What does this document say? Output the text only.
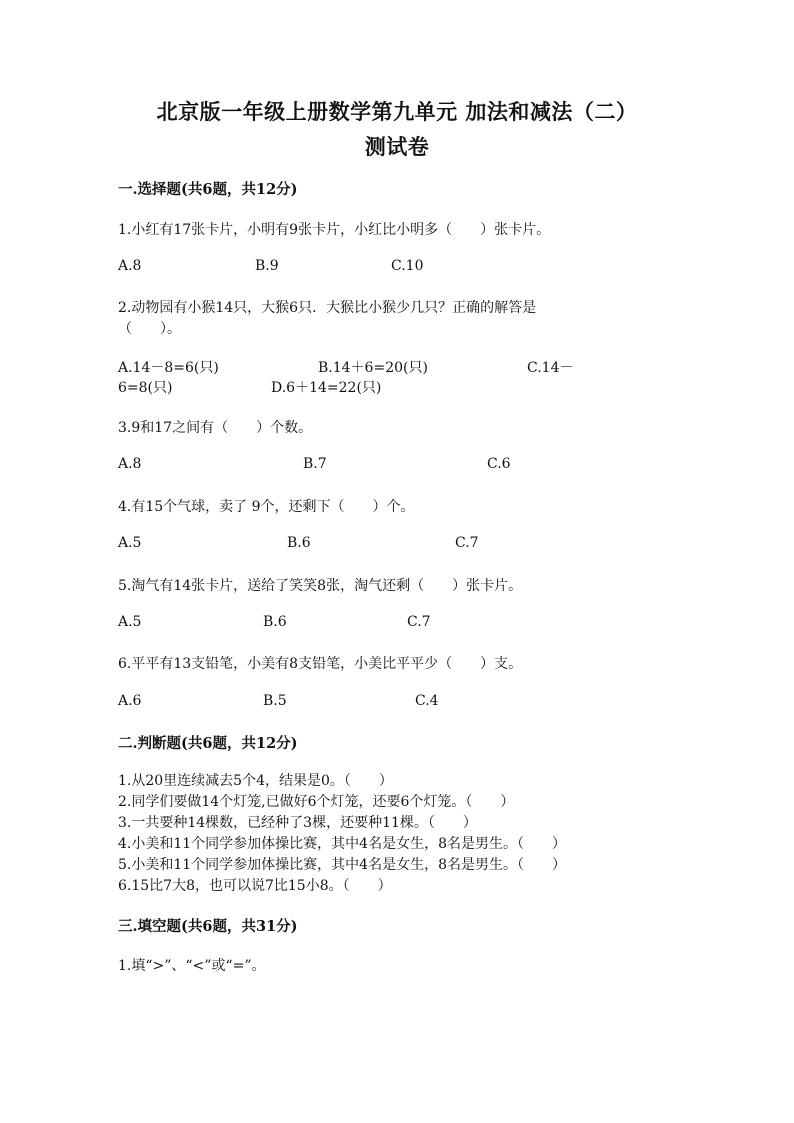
北京版一年级上册数学第九单元 加法和减法（二）
测试卷
一.选择题(共6题，共12分)
1.小红有17张卡片，小明有9张卡片，小红比小明多（　　）张卡片。
A.8	B.9	C.10
2.动物园有小猴14只，大猴6只．大猴比小猴少几只？正确的解答是
（　　）。
A.14－8=6(只)	B.14＋6=20(只)	C.14－
6=8(只)	D.6＋14=22(只)
3.9和17之间有（　　）个数。
A.8	B.7	C.6
4.有15个气球，卖了 9个，还剩下（　　）个。
A.5	B.6	C.7
5.淘气有14张卡片，送给了笑笑8张，淘气还剩（　　）张卡片。
A.5	B.6	C.7
6.平平有13支铅笔，小美有8支铅笔，小美比平平少（　　）支。
A.6	B.5	C.4
二.判断题(共6题，共12分)
1.从20里连续减去5个4，结果是0。（　　）
2.同学们要做14个灯笼,已做好6个灯笼，还要6个灯笼。（　　）
3.一共要种14棵数，已经种了3棵，还要种11棵。（　　）
4.小美和11个同学参加体操比赛，其中4名是女生，8名是男生。（　　）
5.小美和11个同学参加体操比赛，其中4名是女生，8名是男生。（　　）
6.15比7大8，也可以说7比15小8。（　　）
三.填空题(共6题，共31分)
1.填“>”、“<”或“=”。
